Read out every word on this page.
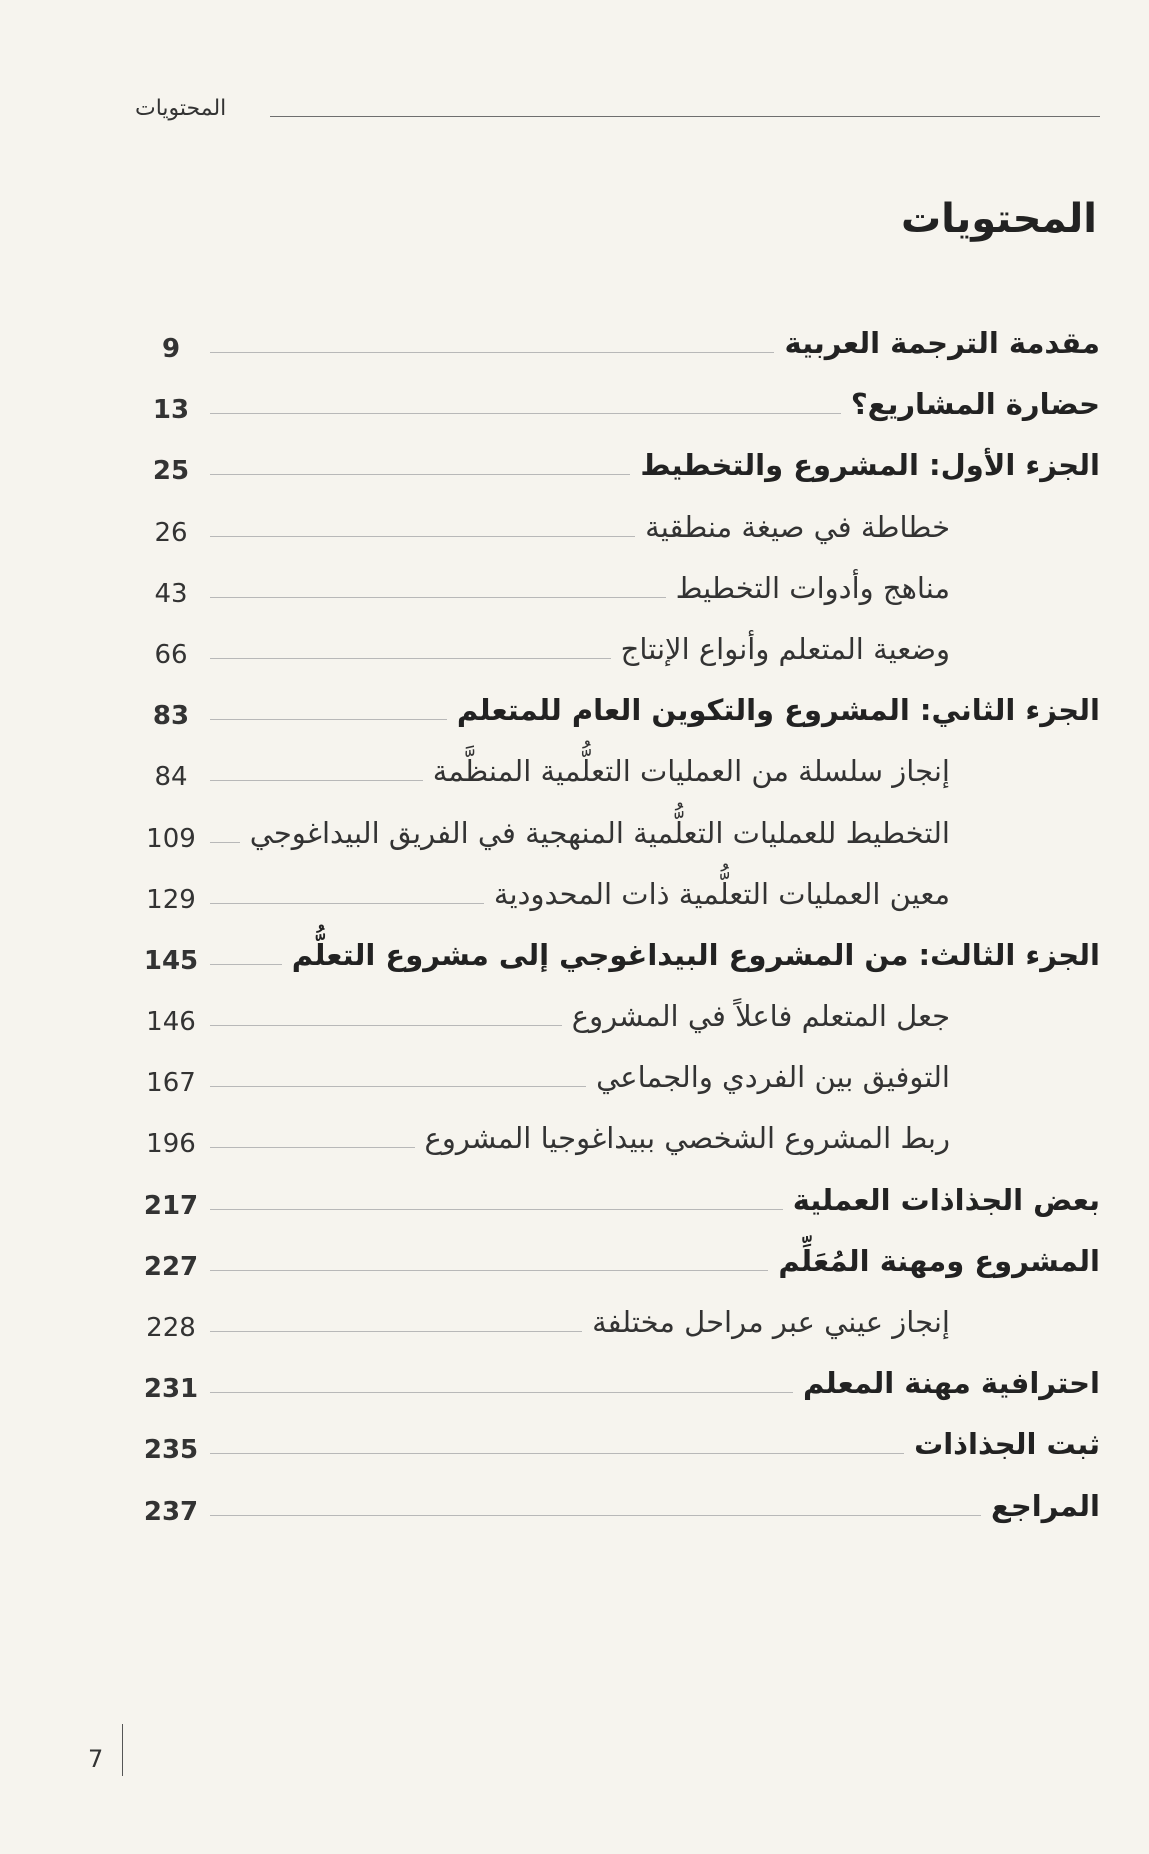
المحتويات
المحتويات
9	مقدمة الترجمة العربية
13	حضارة المشاريع؟
25	الجزء الأول: المشروع والتخطيط
26	خطاطة في صيغة منطقية
43	مناهج وأدوات التخطيط
66	وضعية المتعلم وأنواع الإنتاج
83	الجزء الثاني: المشروع والتكوين العام للمتعلم
84	إنجاز سلسلة من العمليات التعلُّمية المنظَّمة
109	التخطيط للعمليات التعلُّمية المنهجية في الفريق البيداغوجي
129	معين العمليات التعلُّمية ذات المحدودية
145	الجزء الثالث: من المشروع البيداغوجي إلى مشروع التعلُّم
146	جعل المتعلم فاعلاً في المشروع
167	التوفيق بين الفردي والجماعي
196	ربط المشروع الشخصي ببيداغوجيا المشروع
217	بعض الجذاذات العملية
227	المشروع ومهنة المُعَلِّم
228	إنجاز عيني عبر مراحل مختلفة
231	احترافية مهنة المعلم
235	ثبت الجذاذات
237	المراجع
7
